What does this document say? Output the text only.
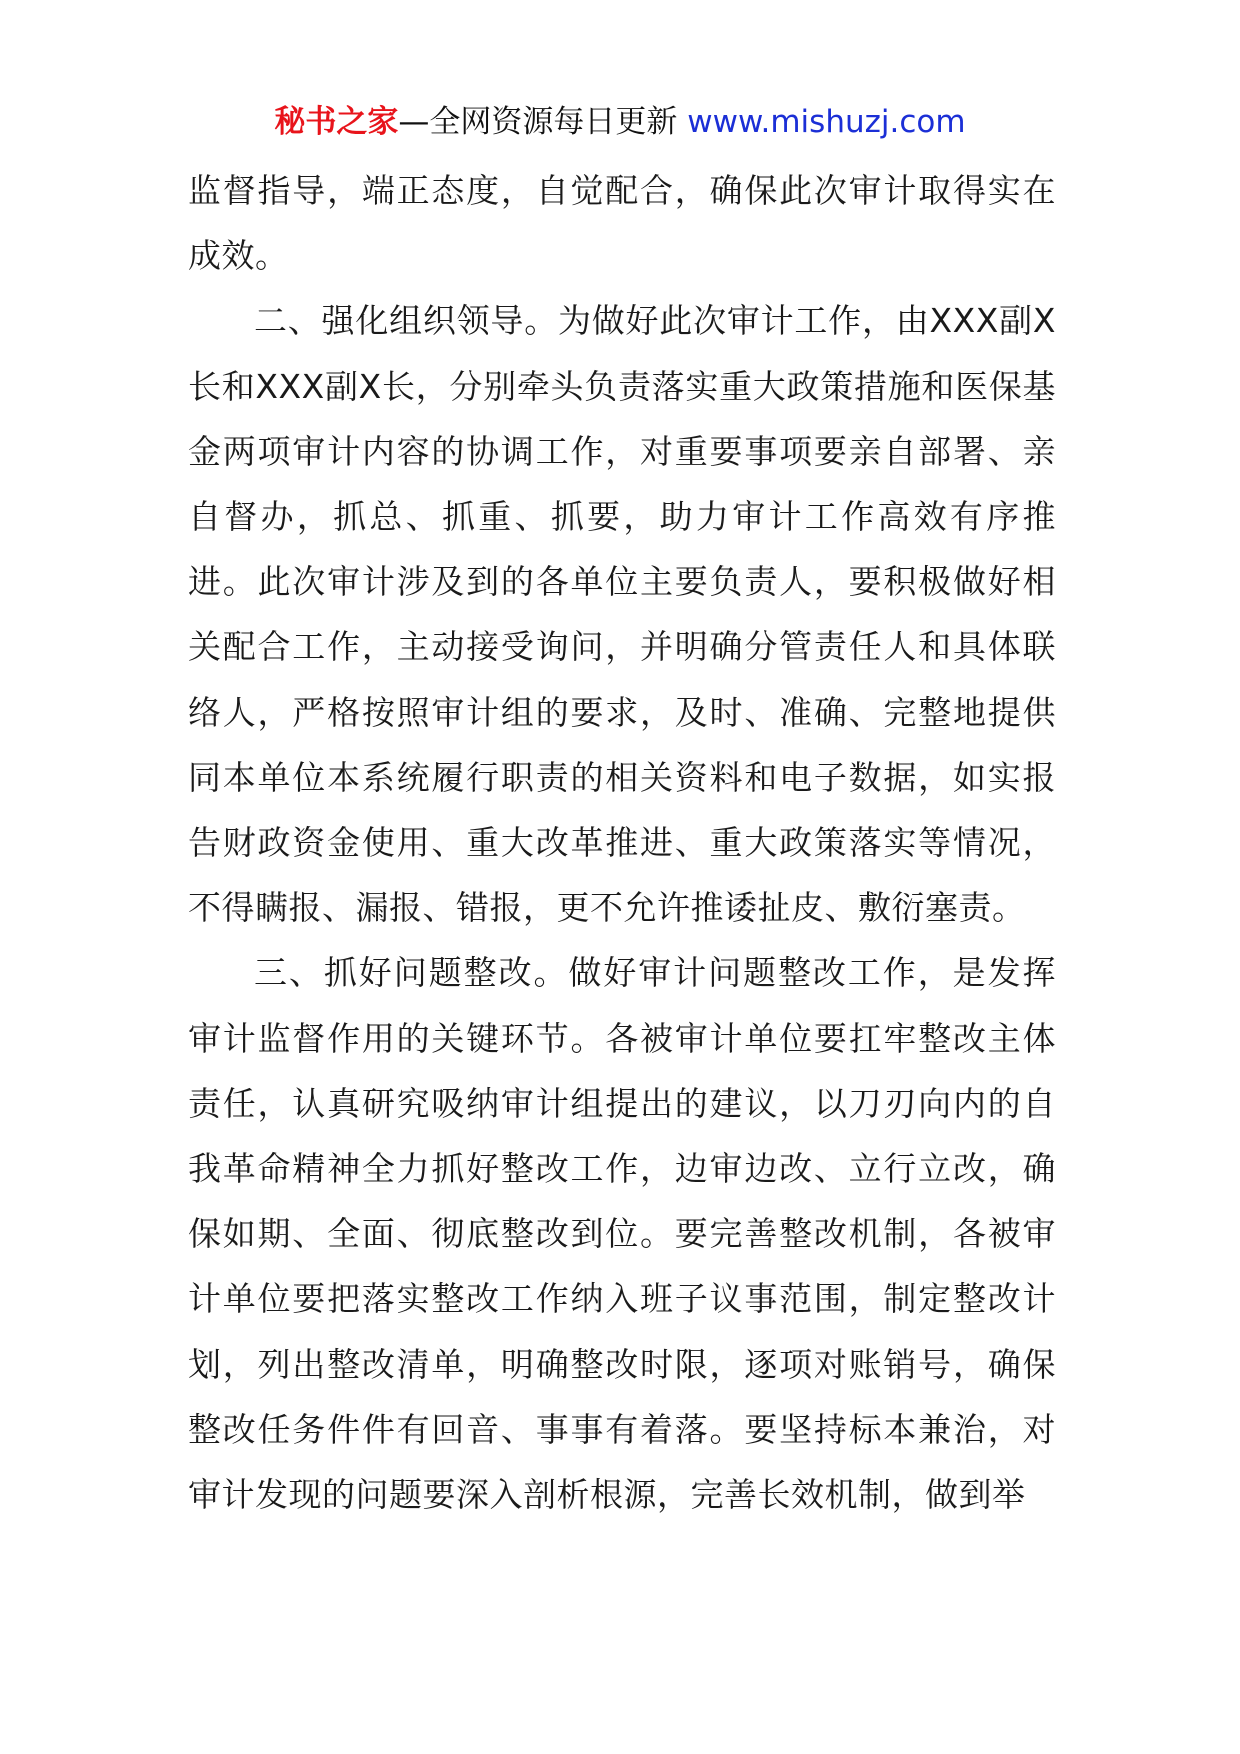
秘书之家—全网资源每日更新 www.mishuzj.com

监督指导，端正态度，自觉配合，确保此次审计取得实在成效。

二、强化组织领导。为做好此次审计工作，由XXX副X长和XXX副X长，分别牵头负责落实重大政策措施和医保基金两项审计内容的协调工作，对重要事项要亲自部署、亲自督办，抓总、抓重、抓要，助力审计工作高效有序推进。此次审计涉及到的各单位主要负责人，要积极做好相关配合工作，主动接受询问，并明确分管责任人和具体联络人，严格按照审计组的要求，及时、准确、完整地提供同本单位本系统履行职责的相关资料和电子数据，如实报告财政资金使用、重大改革推进、重大政策落实等情况，不得瞒报、漏报、错报，更不允许推诿扯皮、敷衍塞责。

三、抓好问题整改。做好审计问题整改工作，是发挥审计监督作用的关键环节。各被审计单位要扛牢整改主体责任，认真研究吸纳审计组提出的建议，以刀刃向内的自我革命精神全力抓好整改工作，边审边改、立行立改，确保如期、全面、彻底整改到位。要完善整改机制，各被审计单位要把落实整改工作纳入班子议事范围，制定整改计划，列出整改清单，明确整改时限，逐项对账销号，确保整改任务件件有回音、事事有着落。要坚持标本兼治，对审计发现的问题要深入剖析根源，完善长效机制，做到举
